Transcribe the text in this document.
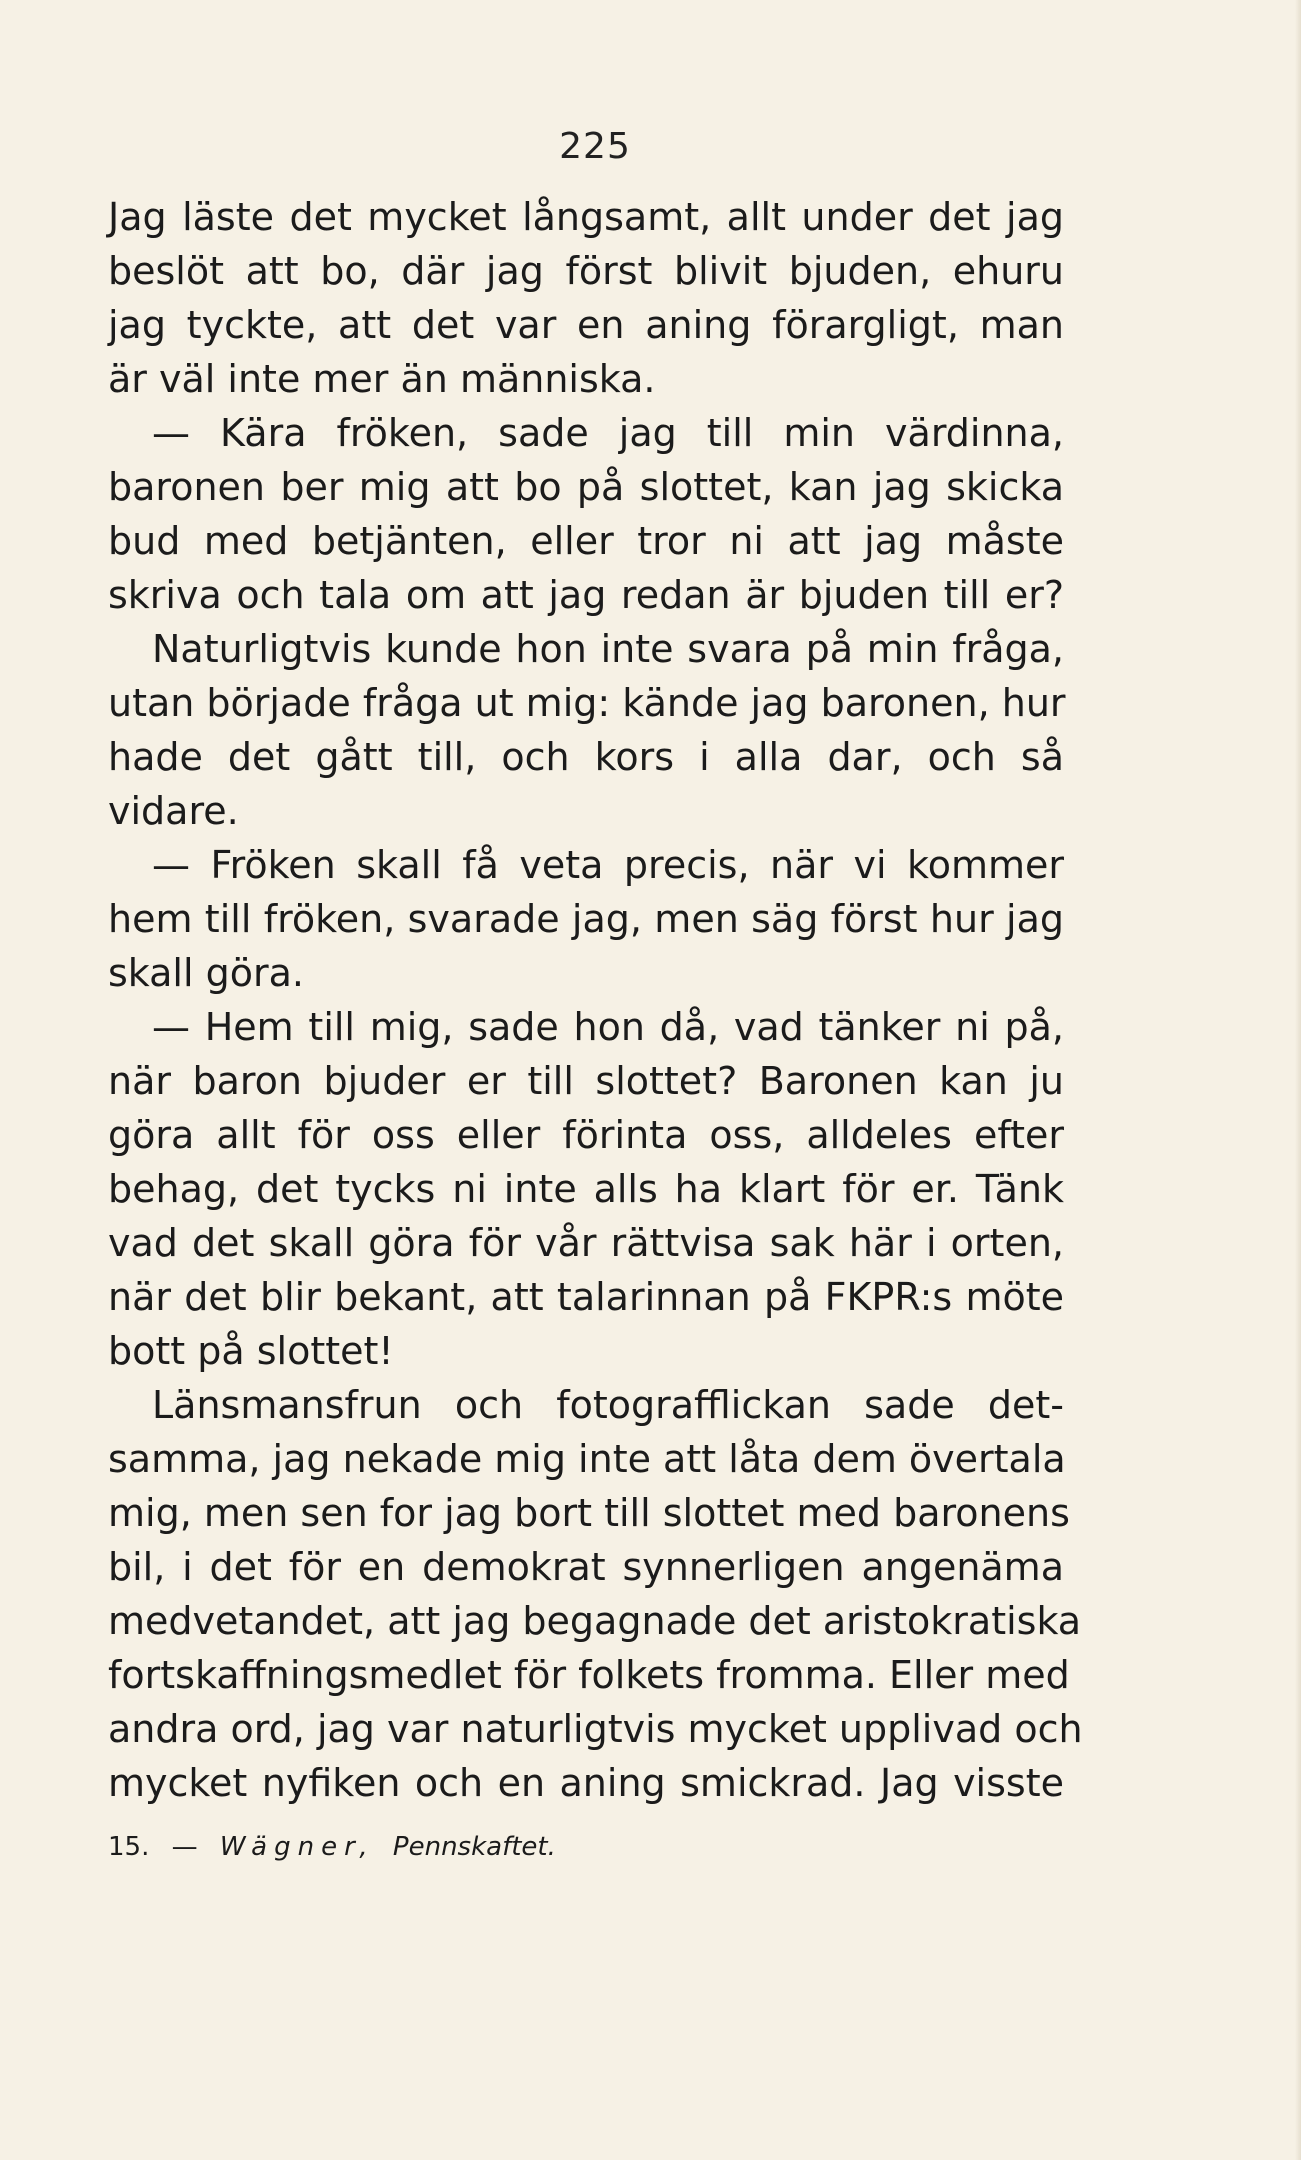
225
Jag läste det mycket långsamt, allt under det jag
beslöt att bo, där jag först blivit bjuden, ehuru
jag tyckte, att det var en aning förargligt, man
är väl inte mer än människa.
— Kära fröken, sade jag till min värdinna,
baronen ber mig att bo på slottet, kan jag skicka
bud med betjänten, eller tror ni att jag måste
skriva och tala om att jag redan är bjuden till er?
Naturligtvis kunde hon inte svara på min fråga,
utan började fråga ut mig: kände jag baronen, hur
hade det gått till, och kors i alla dar, och så
vidare.
— Fröken skall få veta precis, när vi kommer
hem till fröken, svarade jag, men säg först hur jag
skall göra.
— Hem till mig, sade hon då, vad tänker ni på,
när baron bjuder er till slottet? Baronen kan ju
göra allt för oss eller förinta oss, alldeles efter
behag, det tycks ni inte alls ha klart för er. Tänk
vad det skall göra för vår rättvisa sak här i orten,
när det blir bekant, att talarinnan på FKPR:s möte
bott på slottet!
Länsmansfrun och fotografflickan sade det-
samma, jag nekade mig inte att låta dem övertala
mig, men sen for jag bort till slottet med baronens
bil, i det för en demokrat synnerligen angenäma
medvetandet, att jag begagnade det aristokratiska
fortskaffningsmedlet för folkets fromma. Eller med
andra ord, jag var naturligtvis mycket upplivad och
mycket nyfiken och en aning smickrad. Jag visste
15. — Wägner, Pennskaftet.
